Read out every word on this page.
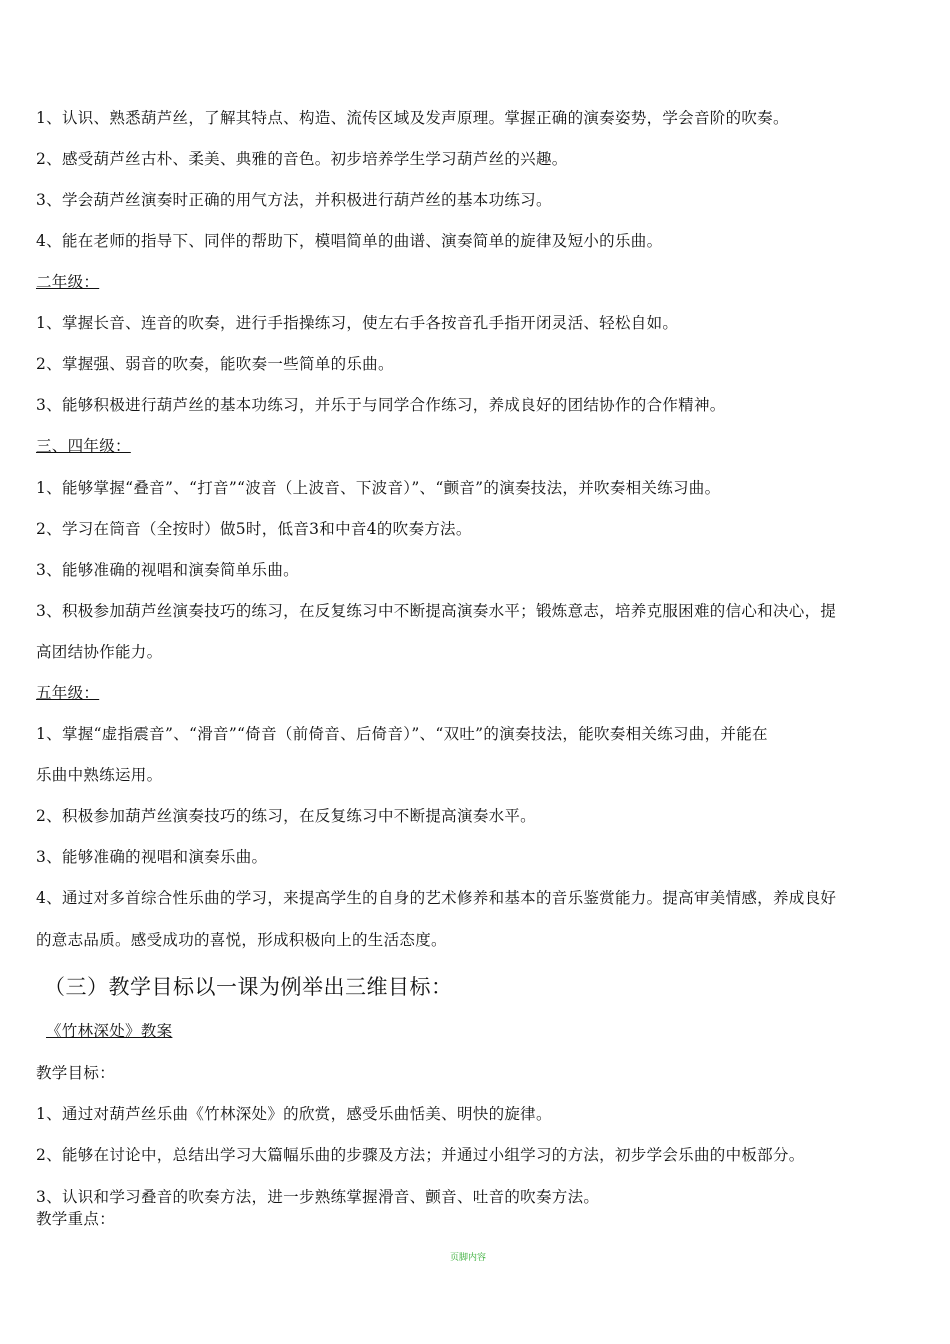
1、认识、熟悉葫芦丝，了解其特点、构造、流传区域及发声原理。掌握正确的演奏姿势，学会音阶的吹奏。
2、感受葫芦丝古朴、柔美、典雅的音色。初步培养学生学习葫芦丝的兴趣。
3、学会葫芦丝演奏时正确的用气方法，并积极进行葫芦丝的基本功练习。
4、能在老师的指导下、同伴的帮助下，模唱简单的曲谱、演奏简单的旋律及短小的乐曲。
二年级：
1、掌握长音、连音的吹奏，进行手指操练习，使左右手各按音孔手指开闭灵活、轻松自如。
2、掌握强、弱音的吹奏，能吹奏一些简单的乐曲。
3、能够积极进行葫芦丝的基本功练习，并乐于与同学合作练习，养成良好的团结协作的合作精神。
三、四年级：
1、能够掌握“叠音”、“打音”“波音（上波音、下波音）”、“颤音”的演奏技法，并吹奏相关练习曲。
2、学习在筒音（全按时）做5时，低音3和中音4的吹奏方法。
3、能够准确的视唱和演奏简单乐曲。
3、积极参加葫芦丝演奏技巧的练习，在反复练习中不断提高演奏水平；锻炼意志，培养克服困难的信心和决心，提
高团结协作能力。
五年级：
1、掌握“虚指震音”、“滑音”“倚音（前倚音、后倚音）”、“双吐”的演奏技法，能吹奏相关练习曲，并能在
乐曲中熟练运用。
2、积极参加葫芦丝演奏技巧的练习，在反复练习中不断提高演奏水平。
3、能够准确的视唱和演奏乐曲。
4、通过对多首综合性乐曲的学习，来提高学生的自身的艺术修养和基本的音乐鉴赏能力。提高审美情感，养成良好
的意志品质。感受成功的喜悦，形成积极向上的生活态度。
（三）教学目标以一课为例举出三维目标：
《竹林深处》教案
教学目标：
1、通过对葫芦丝乐曲《竹林深处》的欣赏，感受乐曲恬美、明快的旋律。
2、能够在讨论中，总结出学习大篇幅乐曲的步骤及方法；并通过小组学习的方法，初步学会乐曲的中板部分。
3、认识和学习叠音的吹奏方法，进一步熟练掌握滑音、颤音、吐音的吹奏方法。
教学重点：
页脚内容
